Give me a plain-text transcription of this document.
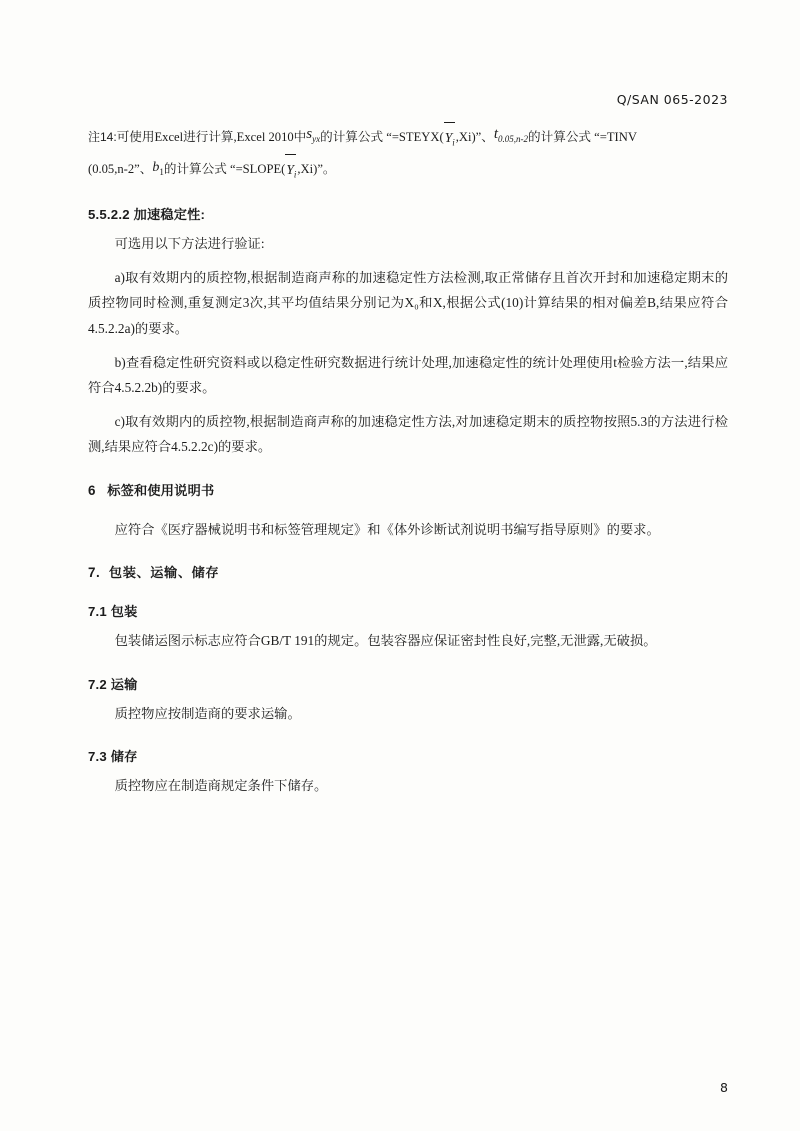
Q/SAN 065-2023

注14:可使用Excel进行计算,Excel 2010中$s_{yx}$的计算公式 “$=STEYX(Y_i,Xi)$”、$t_{0.05,n-2}$的计算公式 “=TINV

(0.05,n-2”、$b_1$的计算公式 “$=SLOPE(Y_i,Xi)$”。

5.5.2.2 加速稳定性:

可选用以下方法进行验证:

a)取有效期内的质控物,根据制造商声称的加速稳定性方法检测,取正常储存且首次开封和加速稳定期末的质控物同时检测,重复测定3次,其平均值结果分别记为X₀和X,根据公式(10)计算结果的相对偏差B,结果应符合4.5.2.2a)的要求。

b)查看稳定性研究资料或以稳定性研究数据进行统计处理,加速稳定性的统计处理使用t检验方法一,结果应符合4.5.2.2b)的要求。

c)取有效期内的质控物,根据制造商声称的加速稳定性方法,对加速稳定期末的质控物按照5.3的方法进行检测,结果应符合4.5.2.2c)的要求。

6 标签和使用说明书

应符合《医疗器械说明书和标签管理规定》和《体外诊断试剂说明书编写指导原则》的要求。

7. 包装、运输、储存
7.1 包装

包装储运图示标志应符合GB/T 191的规定。包装容器应保证密封性良好,完整,无泄露,无破损。

7.2 运输

质控物应按制造商的要求运输。

7.3 储存

质控物应在制造商规定条件下储存。

8
